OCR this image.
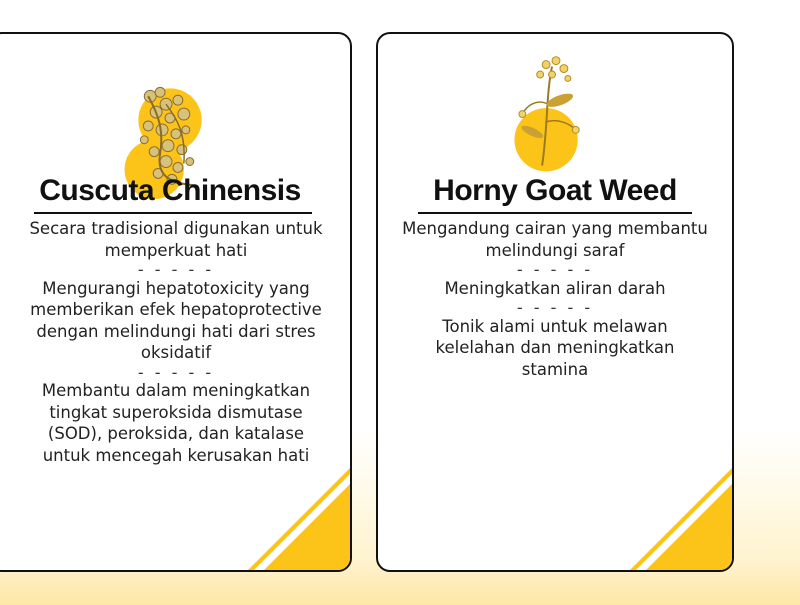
Cuscuta Chinensis

Secara tradisional digunakan untuk memperkuat hati

- - - - -

Mengurangi hepatotoxicity yang memberikan efek hepatoprotective dengan melindungi hati dari stres oksidatif

- - - - -

Membantu dalam meningkatkan tingkat superoksida dismutase (SOD), peroksida, dan katalase untuk mencegah kerusakan hati

Horny Goat Weed

Mengandung cairan yang membantu melindungi saraf

- - - - -

Meningkatkan aliran darah

- - - - -

Tonik alami untuk melawan kelelahan dan meningkatkan stamina
